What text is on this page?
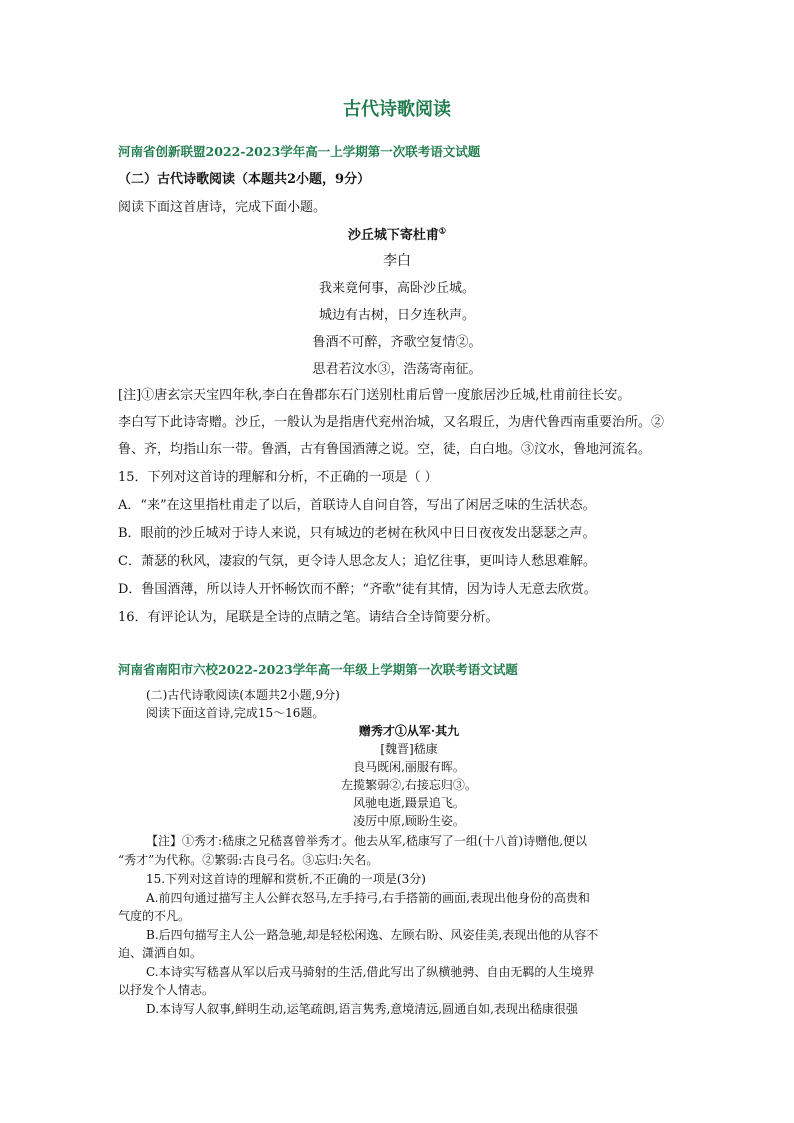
古代诗歌阅读
河南省创新联盟2022-2023学年高一上学期第一次联考语文试题
（二）古代诗歌阅读（本题共2小题，9分）
阅读下面这首唐诗，完成下面小题。
沙丘城下寄杜甫①
李白
我来竟何事，高卧沙丘城。
城边有古树，日夕连秋声。
鲁酒不可醉，齐歌空复情②。
思君若汶水③，浩荡寄南征。
[注]①唐玄宗天宝四年秋,李白在鲁郡东石门送别杜甫后曾一度旅居沙丘城,杜甫前往长安。
李白写下此诗寄赠。沙丘，一般认为是指唐代兖州治城，又名瑕丘，为唐代鲁西南重要治所。②
鲁、齐，均指山东一带。鲁酒，古有鲁国酒薄之说。空，徒，白白地。③汶水，鲁地河流名。
15．下列对这首诗的理解和分析，不正确的一项是（ ）
A．“来”在这里指杜甫走了以后，首联诗人自问自答，写出了闲居乏味的生活状态。
B．眼前的沙丘城对于诗人来说，只有城边的老树在秋风中日日夜夜发出瑟瑟之声。
C．萧瑟的秋风，凄寂的气氛，更令诗人思念友人；追忆往事，更叫诗人愁思难解。
D．鲁国酒薄，所以诗人开怀畅饮而不醉；“齐歌”徒有其情，因为诗人无意去欣赏。
16．有评论认为，尾联是全诗的点睛之笔。请结合全诗简要分析。
河南省南阳市六校2022-2023学年高一年级上学期第一次联考语文试题
(二)古代诗歌阅读(本题共2小题,9分)
阅读下面这首诗,完成15～16题。
赠秀才①从军·其九
[魏晋]嵇康
良马既闲,丽服有晖。
左揽繁弱②,右接忘归③。
风驰电逝,蹑景追飞。
凌厉中原,顾盼生姿。
【注】①秀才:嵇康之兄嵇喜曾举秀才。他去从军,嵇康写了一组(十八首)诗赠他,便以
“秀才”为代称。②繁弱:古良弓名。③忘归:矢名。
15.下列对这首诗的理解和赏析,不正确的一项是(3分)
A.前四句通过描写主人公鲜衣怒马,左手持弓,右手搭箭的画面,表现出他身份的高贵和
气度的不凡。
B.后四句描写主人公一路急驰,却是轻松闲逸、左顾右盼、风姿佳美,表现出他的从容不
迫、潇洒自如。
C.本诗实写嵇喜从军以后戎马骑射的生活,借此写出了纵横驰骋、自由无羁的人生境界
以抒发个人情志。
D.本诗写人叙事,鲜明生动,运笔疏朗,语言隽秀,意境清远,圆通自如,表现出嵇康很强
